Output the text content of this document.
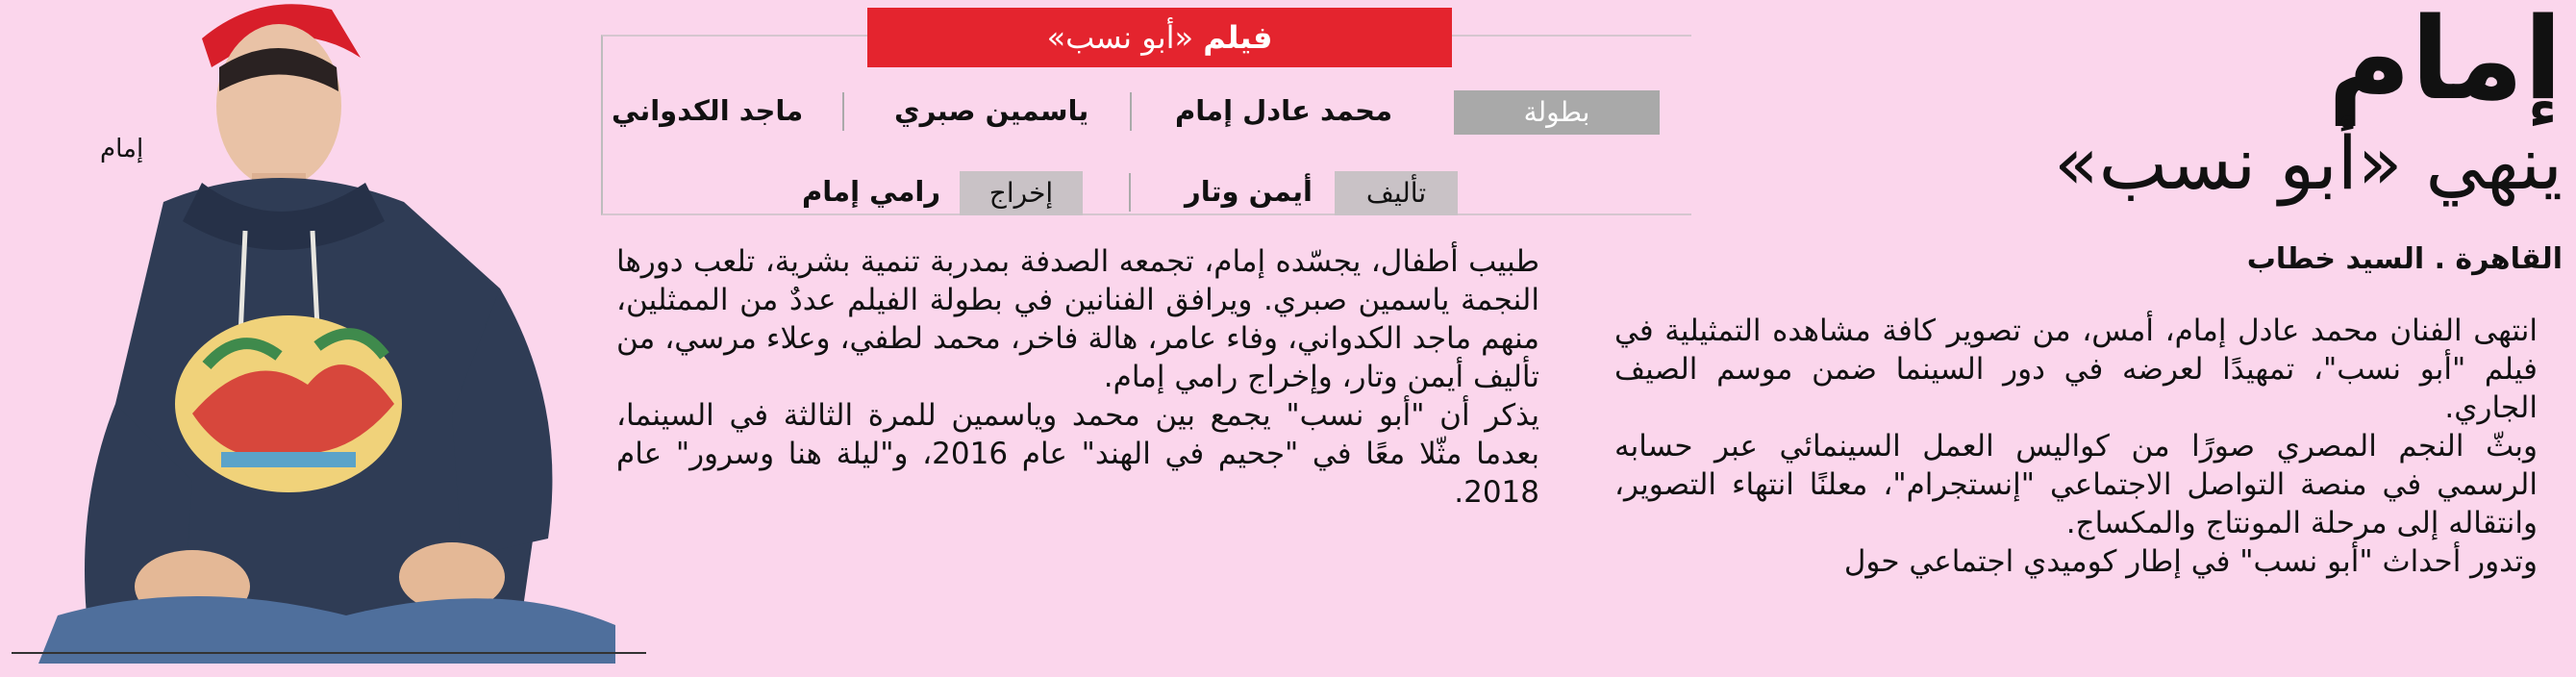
إمام
فيلم «أبو نسب»
بطولة
محمد عادل إمام
ياسمين صبري
ماجد الكدواني
تأليف
أيمن وتار
إخراج
رامي إمام
إمام
ينهي «أبو نسب»
القاهرة . السيد خطاب

انتهى الفنان محمد عادل إمام، أمس، من تصوير كافة مشاهده التمثيلية في فيلم "أبو نسب"، تمهيدًا لعرضه في دور السينما ضمن موسم الصيف الجاري.

وبثّ النجم المصري صورًا من كواليس العمل السينمائي عبر حسابه الرسمي في منصة التواصل الاجتماعي "إنستجرام"، معلنًا انتهاء التصوير، وانتقاله إلى مرحلة المونتاج والمكساج.

وتدور أحداث "أبو نسب" في إطار كوميدي اجتماعي حول

طبيب أطفال، يجسّده إمام، تجمعه الصدفة بمدربة تنمية بشرية، تلعب دورها النجمة ياسمين صبري. ويرافق الفنانين في بطولة الفيلم عددٌ من الممثلين، منهم ماجد الكدواني، وفاء عامر، هالة فاخر، محمد لطفي، وعلاء مرسي، من تأليف أيمن وتار، وإخراج رامي إمام.

يذكر أن "أبو نسب" يجمع بين محمد وياسمين للمرة الثالثة في السينما، بعدما مثّلا معًا في "جحيم في الهند" عام 2016، و"ليلة هنا وسرور" عام 2018.
